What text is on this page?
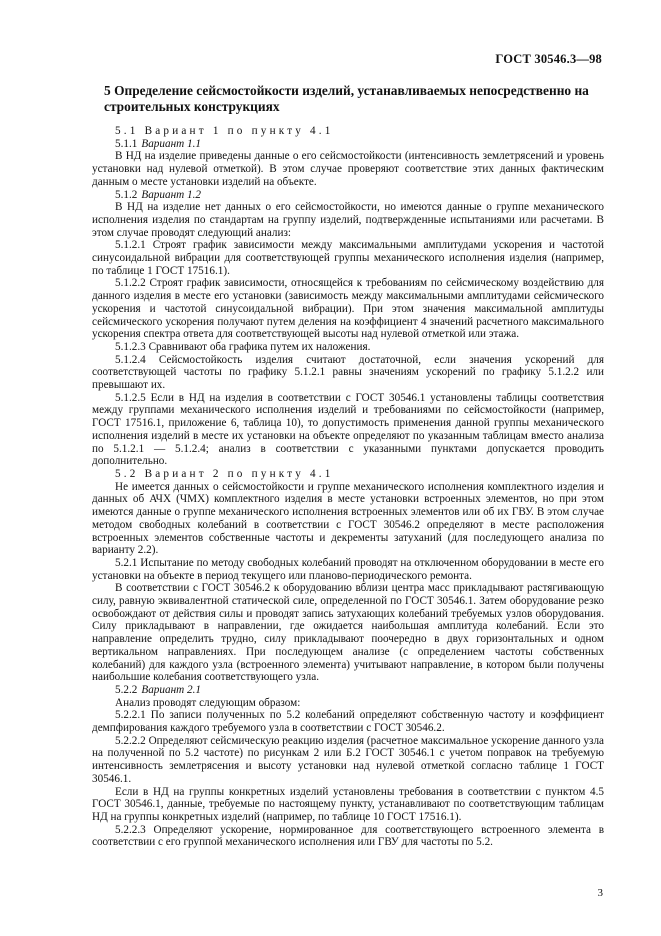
ГОСТ 30546.3—98
5 Определение сейсмостойкости изделий, устанавливаемых непосредственно на
строительных конструкциях

5.1 Вариант 1 по пункту 4.1

5.1.1 Вариант 1.1

В НД на изделие приведены данные о его сейсмостойкости (интенсивность землетрясений и уровень установки над нулевой отметкой). В этом случае проверяют соответствие этих данных фактическим данным о месте установки изделий на объекте.

5.1.2 Вариант 1.2

В НД на изделие нет данных о его сейсмостойкости, но имеются данные о группе механического исполнения изделия по стандартам на группу изделий, подтвержденные испытаниями или расчетами. В этом случае проводят следующий анализ:

5.1.2.1 Строят график зависимости между максимальными амплитудами ускорения и частотой синусоидальной вибрации для соответствующей группы механического исполнения изделия (например, по таблице 1 ГОСТ 17516.1).

5.1.2.2 Строят график зависимости, относящейся к требованиям по сейсмическому воздействию для данного изделия в месте его установки (зависимость между максимальными амплитудами сейсмического ускорения и частотой синусоидальной вибрации). При этом значения максимальной амплитуды сейсмического ускорения получают путем деления на коэффициент 4 значений расчетного максимального ускорения спектра ответа для соответствующей высоты над нулевой отметкой или этажа.

5.1.2.3 Сравнивают оба графика путем их наложения.

5.1.2.4 Сейсмостойкость изделия считают достаточной, если значения ускорений для соответствующей частоты по графику 5.1.2.1 равны значениям ускорений по графику 5.1.2.2 или превышают их.

5.1.2.5 Если в НД на изделия в соответствии с ГОСТ 30546.1 установлены таблицы соответствия между группами механического исполнения изделий и требованиями по сейсмостойкости (например, ГОСТ 17516.1, приложение 6, таблица 10), то допустимость применения данной группы механического исполнения изделий в месте их установки на объекте определяют по указанным таблицам вместо анализа по 5.1.2.1 — 5.1.2.4; анализ в соответствии с указанными пунктами допускается проводить дополнительно.

5.2 Вариант 2 по пункту 4.1

Не имеется данных о сейсмостойкости и группе механического исполнения комплектного изделия и данных об АЧХ (ЧМХ) комплектного изделия в месте установки встроенных элементов, но при этом имеются данные о группе механического исполнения встроенных элементов или об их ГВУ. В этом случае методом свободных колебаний в соответствии с ГОСТ 30546.2 определяют в месте расположения встроенных элементов собственные частоты и декременты затуханий (для последующего анализа по варианту 2.2).

5.2.1 Испытание по методу свободных колебаний проводят на отключенном оборудовании в месте его установки на объекте в период текущего или планово-периодического ремонта.

В соответствии с ГОСТ 30546.2 к оборудованию вблизи центра масс прикладывают растягивающую силу, равную эквивалентной статической силе, определенной по ГОСТ 30546.1. Затем оборудование резко освобождают от действия силы и проводят запись затухающих колебаний требуемых узлов оборудования. Силу прикладывают в направлении, где ожидается наибольшая амплитуда колебаний. Если это направление определить трудно, силу прикладывают поочередно в двух горизонтальных и одном вертикальном направлениях. При последующем анализе (с определением частоты собственных колебаний) для каждого узла (встроенного элемента) учитывают направление, в котором были получены наибольшие колебания соответствующего узла.

5.2.2 Вариант 2.1

Анализ проводят следующим образом:

5.2.2.1 По записи полученных по 5.2 колебаний определяют собственную частоту и коэффициент демпфирования каждого требуемого узла в соответствии с ГОСТ 30546.2.

5.2.2.2 Определяют сейсмическую реакцию изделия (расчетное максимальное ускорение данного узла на полученной по 5.2 частоте) по рисункам 2 или Б.2 ГОСТ 30546.1 с учетом поправок на требуемую интенсивность землетрясения и высоту установки над нулевой отметкой согласно таблице 1 ГОСТ 30546.1.

Если в НД на группы конкретных изделий установлены требования в соответствии с пунктом 4.5 ГОСТ 30546.1, данные, требуемые по настоящему пункту, устанавливают по соответствующим таблицам НД на группы конкретных изделий (например, по таблице 10 ГОСТ 17516.1).

5.2.2.3 Определяют ускорение, нормированное для соответствующего встроенного элемента в соответствии с его группой механического исполнения или ГВУ для частоты по 5.2.

3
